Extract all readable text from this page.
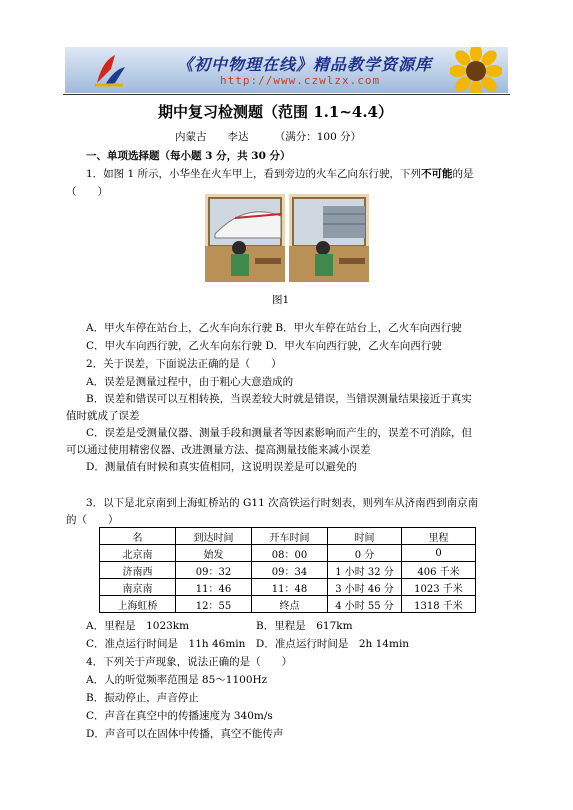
《初中物理在线》精品教学资源库
http://www.czwlzx.com
期中复习检测题（范围 1.1~4.4）
内蒙古　　李达　　　（满分：100 分）
一、单项选择题（每小题 3 分，共 30 分）
1．如图 1 所示，小华坐在火车甲上，看到旁边的火车乙向东行驶，下列不可能的是
（　　）
图1
A．甲火车停在站台上，乙火车向东行驶 B．甲火车停在站台上，乙火车向西行驶
C．甲火车向西行驶，乙火车向东行驶 D．甲火车向西行驶，乙火车向西行驶
2．关于误差，下面说法正确的是（　　）
A．误差是测量过程中，由于粗心大意造成的
B．误差和错误可以互相转换，当误差较大时就是错误，当错误测量结果接近于真实
值时就成了误差
C．误差是受测量仪器、测量手段和测量者等因素影响而产生的，误差不可消除，但
可以通过使用精密仪器、改进测量方法、提高测量技能来减小误差
D．测量值有时候和真实值相同，这说明误差是可以避免的
3．以下是北京南到上海虹桥站的 G11 次高铁运行时刻表，则列车从济南西到南京南
的（　　）
名	到达时间	开车时间	时间	里程
北京南	始发	08：00	0 分	0
济南西	09：32	09：34	1 小时 32 分	406 千米
南京南	11：46	11：48	3 小时 46 分	1023 千米
上海虹桥	12：55	终点	4 小时 55 分	1318 千米
A．里程是　1023km	B．里程是　617km
C．准点运行时间是　11h 46min　D．准点运行时间是　2h 14min
4．下列关于声现象，说法正确的是（　　）
A．人的听觉频率范围是 85～1100Hz
B．振动停止，声音停止
C．声音在真空中的传播速度为 340m/s
D．声音可以在固体中传播，真空不能传声
